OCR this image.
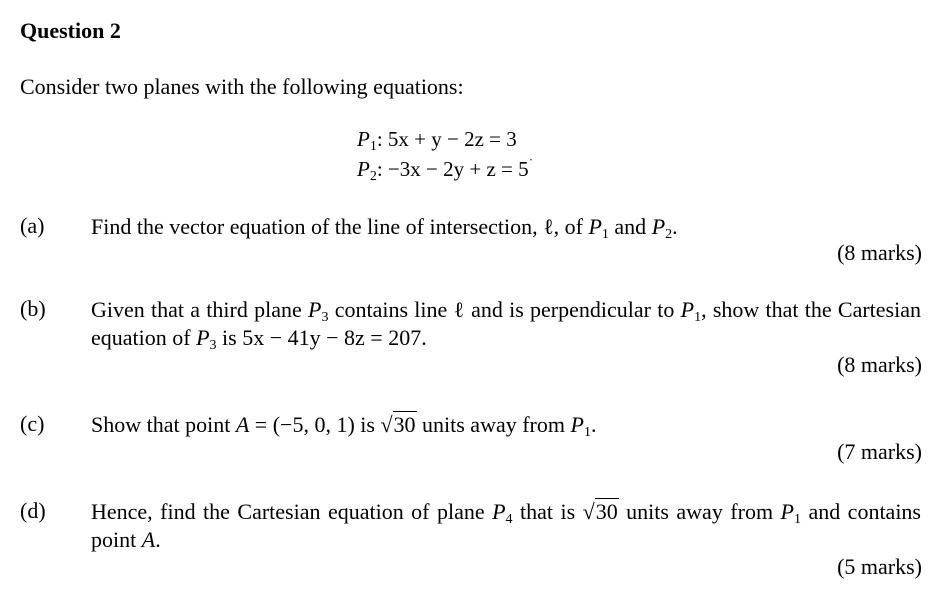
Question 2
Consider two planes with the following equations:
$P_1$: 5x + y − 2z = 3
$P_2$: −3x − 2y + z = 5˙
(a) Find the vector equation of the line of intersection, ℓ, of $P_1$ and $P_2$.
(8 marks)
(b) Given that a third plane $P_3$ contains line ℓ and is perpendicular to $P_1$, show that the Cartesian equation of $P_3$ is 5x − 41y − 8z = 207.
(8 marks)
(c) Show that point A = (−5, 0, 1) is √30 units away from $P_1$.
(7 marks)
(d) Hence, find the Cartesian equation of plane $P_4$ that is √30 units away from $P_1$ and contains point A.
(5 marks)
